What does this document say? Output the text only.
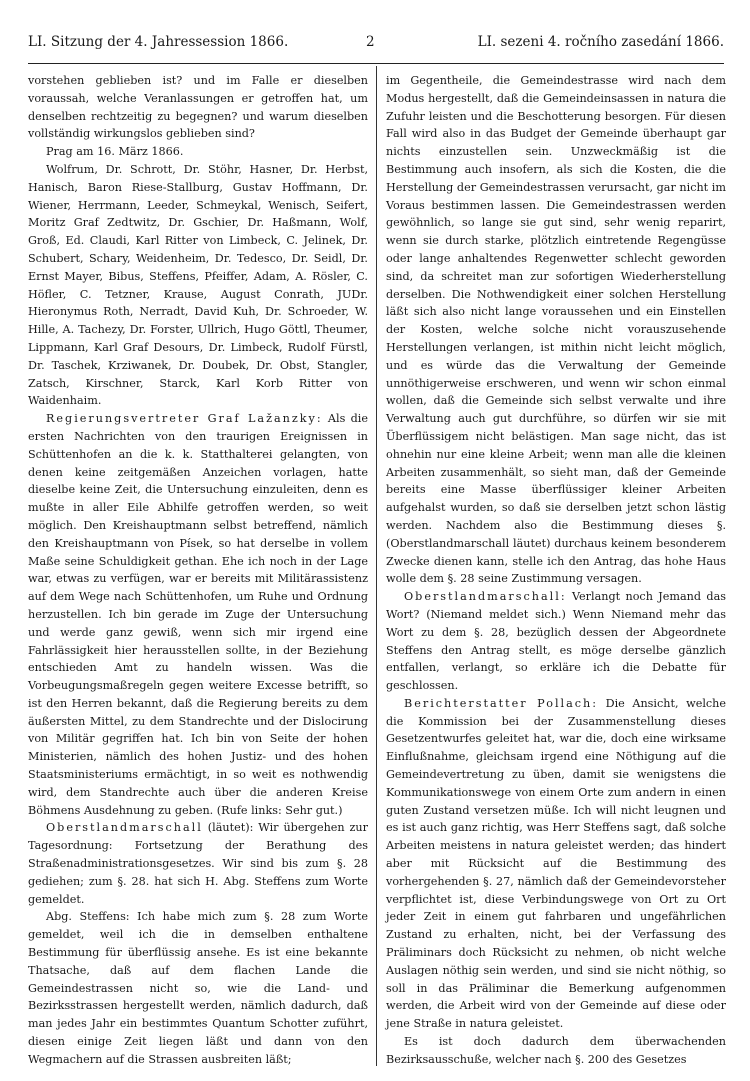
LI. Sitzung der 4. Jahressession 1866.	2	LI. sezeni 4. ročního zasedání 1866.

vorstehen geblieben ist? und im Falle er dieselben voraussah, welche Veranlassungen er getroffen hat, um denselben rechtzeitig zu begegnen? und warum dieselben vollständig wirkungslos geblieben sind?

Prag am 16. März 1866.

Wolfrum, Dr. Schrott, Dr. Stöhr, Hasner, Dr. Herbst, Hanisch, Baron Riese-Stallburg, Gustav Hoffmann, Dr. Wiener, Herrmann, Leeder, Schmeykal, Wenisch, Seifert, Moritz Graf Zedtwitz, Dr. Gschier, Dr. Haßmann, Wolf, Groß, Ed. Claudi, Karl Ritter von Limbeck, C. Jelinek, Dr. Schubert, Schary, Weidenheim, Dr. Tedesco, Dr. Seidl, Dr. Ernst Mayer, Bibus, Steffens, Pfeiffer, Adam, A. Rösler, C. Höfler, C. Tetzner, Krause, August Conrath, JUDr. Hieronymus Roth, Nerradt, David Kuh, Dr. Schroeder, W. Hille, A. Tachezy, Dr. Forster, Ullrich, Hugo Göttl, Theumer, Lippmann, Karl Graf Desours, Dr. Limbeck, Rudolf Fürstl, Dr. Taschek, Krziwanek, Dr. Doubek, Dr. Obst, Stangler, Zatsch, Kirschner, Starck, Karl Korb Ritter von Waidenhaim.

Regierungsvertreter Graf Lažanzky: Als die ersten Nachrichten von den traurigen Ereignissen in Schüttenhofen an die k. k. Statthalterei gelangten, von denen keine zeitgemäßen Anzeichen vorlagen, hatte dieselbe keine Zeit, die Untersuchung einzuleiten, denn es mußte in aller Eile Abhilfe getroffen werden, so weit möglich. Den Kreishauptmann selbst betreffend, nämlich den Kreishauptmann von Písek, so hat derselbe in vollem Maße seine Schuldigkeit gethan. Ehe ich noch in der Lage war, etwas zu verfügen, war er bereits mit Militärassistenz auf dem Wege nach Schüttenhofen, um Ruhe und Ordnung herzustellen. Ich bin gerade im Zuge der Untersuchung und werde ganz gewiß, wenn sich mir irgend eine Fahrlässigkeit hier herausstellen sollte, in der Beziehung entschieden Amt zu handeln wissen. Was die Vorbeugungsmaßregeln gegen weitere Excesse betrifft, so ist den Herren bekannt, daß die Regierung bereits zu dem äußersten Mittel, zu dem Standrechte und der Dislocirung von Militär gegriffen hat. Ich bin von Seite der hohen Ministerien, nämlich des hohen Justiz- und des hohen Staatsministeriums ermächtigt, in so weit es nothwendig wird, dem Standrechte auch über die anderen Kreise Böhmens Ausdehnung zu geben. (Rufe links: Sehr gut.)

Oberstlandmarschall (läutet): Wir übergehen zur Tagesordnung: Fortsetzung der Berathung des Straßenadministrationsgesetzes. Wir sind bis zum §. 28 gediehen; zum §. 28. hat sich H. Abg. Steffens zum Worte gemeldet.

Abg. Steffens: Ich habe mich zum §. 28 zum Worte gemeldet, weil ich die in demselben enthaltene Bestimmung für überflüssig ansehe. Es ist eine bekannte Thatsache, daß auf dem flachen Lande die Gemeindestrassen nicht so, wie die Land- und Bezirksstrassen hergestellt werden, nämlich dadurch, daß man jedes Jahr ein bestimmtes Quantum Schotter zuführt, diesen einige Zeit liegen läßt und dann von den Wegmachern auf die Strassen ausbreiten läßt;

im Gegentheile, die Gemeindestrasse wird nach dem Modus hergestellt, daß die Gemeindeinsassen in natura die Zufuhr leisten und die Beschotterung besorgen. Für diesen Fall wird also in das Budget der Gemeinde überhaupt gar nichts einzustellen sein. Unzweckmäßig ist die Bestimmung auch insofern, als sich die Kosten, die die Herstellung der Gemeindestrassen verursacht, gar nicht im Voraus bestimmen lassen. Die Gemeindestrassen werden gewöhnlich, so lange sie gut sind, sehr wenig reparirt, wenn sie durch starke, plötzlich eintretende Regengüsse oder lange anhaltendes Regenwetter schlecht geworden sind, da schreitet man zur sofortigen Wiederherstellung derselben. Die Nothwendigkeit einer solchen Herstellung läßt sich also nicht lange voraussehen und ein Einstellen der Kosten, welche solche nicht vorauszusehende Herstellungen verlangen, ist mithin nicht leicht möglich, und es würde das die Verwaltung der Gemeinde unnöthigerweise erschweren, und wenn wir schon einmal wollen, daß die Gemeinde sich selbst verwalte und ihre Verwaltung auch gut durchführe, so dürfen wir sie mit Überflüssigem nicht belästigen. Man sage nicht, das ist ohnehin nur eine kleine Arbeit; wenn man alle die kleinen Arbeiten zusammenhält, so sieht man, daß der Gemeinde bereits eine Masse überflüssiger kleiner Arbeiten aufgehalst wurden, so daß sie derselben jetzt schon lästig werden. Nachdem also die Bestimmung dieses §. (Oberstlandmarschall läutet) durchaus keinem besonderem Zwecke dienen kann, stelle ich den Antrag, das hohe Haus wolle dem §. 28 seine Zustimmung versagen.

Oberstlandmarschall: Verlangt noch Jemand das Wort? (Niemand meldet sich.) Wenn Niemand mehr das Wort zu dem §. 28, bezüglich dessen der Abgeordnete Steffens den Antrag stellt, es möge derselbe gänzlich entfallen, verlangt, so erkläre ich die Debatte für geschlossen.

Berichterstatter Pollach: Die Ansicht, welche die Kommission bei der Zusammenstellung dieses Gesetzentwurfes geleitet hat, war die, doch eine wirksame Einflußnahme, gleichsam irgend eine Nöthigung auf die Gemeindevertretung zu üben, damit sie wenigstens die Kommunikationswege von einem Orte zum andern in einen guten Zustand versetzen müße. Ich will nicht leugnen und es ist auch ganz richtig, was Herr Steffens sagt, daß solche Arbeiten meistens in natura geleistet werden; das hindert aber mit Rücksicht auf die Bestimmung des vorhergehenden §. 27, nämlich daß der Gemeindevorsteher verpflichtet ist, diese Verbindungswege von Ort zu Ort jeder Zeit in einem gut fahrbaren und ungefährlichen Zustand zu erhalten, nicht, bei der Verfassung des Präliminars doch Rücksicht zu nehmen, ob nicht welche Auslagen nöthig sein werden, und sind sie nicht nöthig, so soll in das Präliminar die Bemerkung aufgenommen werden, die Arbeit wird von der Gemeinde auf diese oder jene Straße in natura geleistet.

Es ist doch dadurch dem überwachenden Bezirksausschuße, welcher nach §. 200 des Gesetzes
